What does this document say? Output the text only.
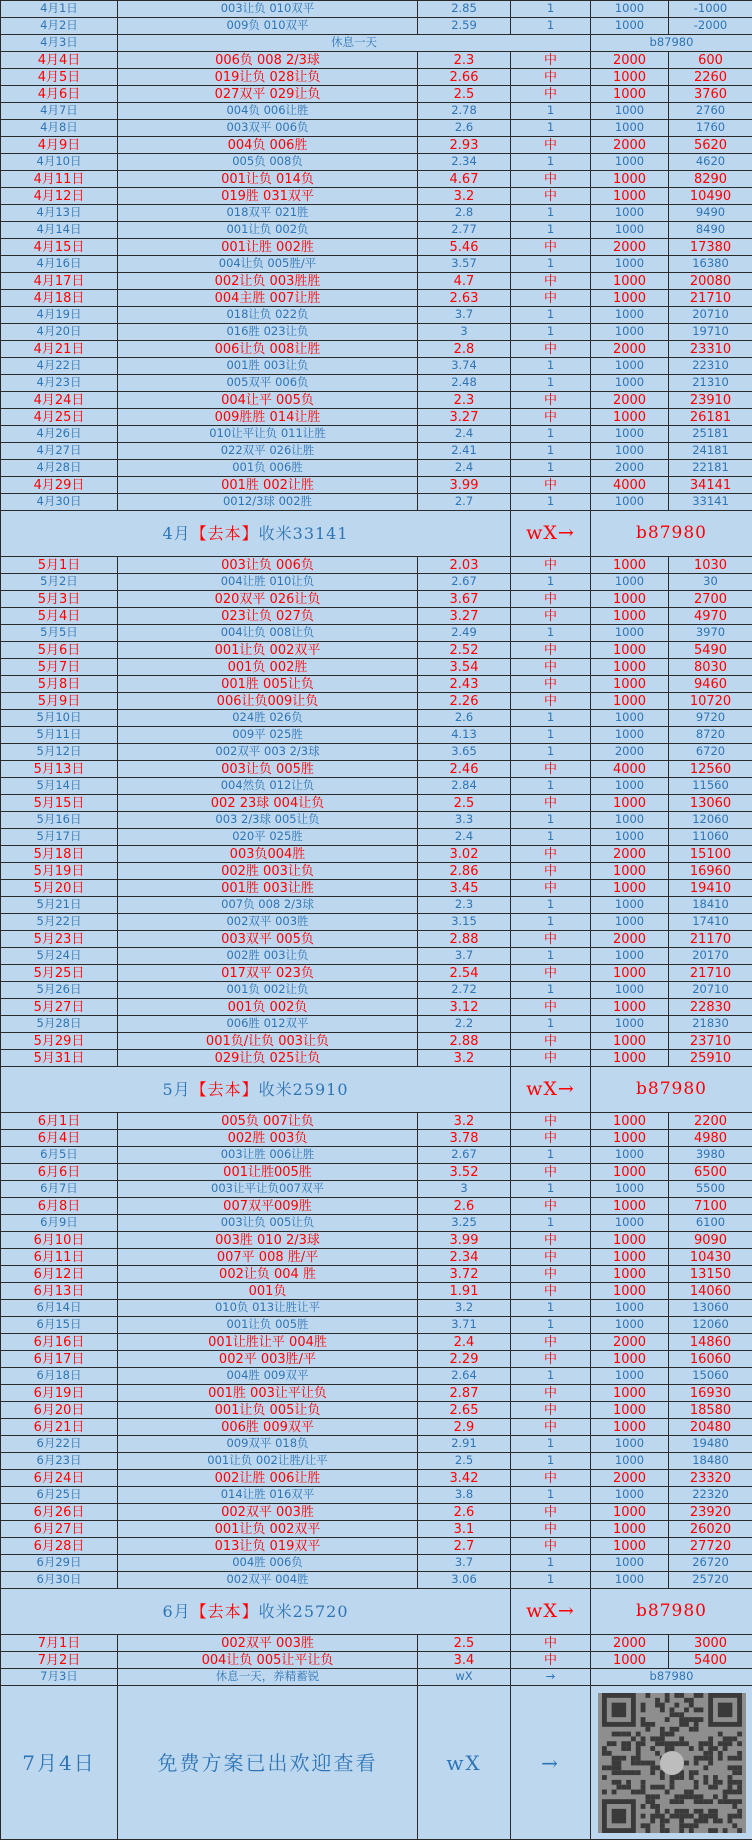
4月1日	003让负 010双平	2.85	1	1000	-1000
4月2日	009负 010双平	2.59	1	1000	-2000
4月3日	休息一天			b87980	
4月4日	006负 008 2/3球	2.3	中	2000	600
4月5日	019让负 028让负	2.66	中	1000	2260
4月6日	027双平 029让负	2.5	中	1000	3760
4月7日	004负 006让胜	2.78	1	1000	2760
4月8日	003双平 006负	2.6	1	1000	1760
4月9日	004负 006胜	2.93	中	2000	5620
4月10日	005负 008负	2.34	1	1000	4620
4月11日	001让负 014负	4.67	中	1000	8290
4月12日	019胜 031双平	3.2	中	1000	10490
4月13日	018双平 021胜	2.8	1	1000	9490
4月14日	001让负 002负	2.77	1	1000	8490
4月15日	001让胜 002胜	5.46	中	2000	17380
4月16日	004让负 005胜/平	3.57	1	1000	16380
4月17日	002让负 003胜胜	4.7	中	1000	20080
4月18日	004主胜 007让胜	2.63	中	1000	21710
4月19日	018让负 022负	3.7	1	1000	20710
4月20日	016胜 023让负	3	1	1000	19710
4月21日	006让负 008让胜	2.8	中	2000	23310
4月22日	001胜 003让负	3.74	1	1000	22310
4月23日	005双平 006负	2.48	1	1000	21310
4月24日	004让平 005负	2.3	中	2000	23910
4月25日	009胜胜 014让胜	3.27	中	1000	26181
4月26日	010让平让负 011让胜	2.4	1	1000	25181
4月27日	022双平 026让胜	2.41	1	1000	24181
4月28日	001负 006胜	2.4	1	2000	22181
4月29日	001胜 002让胜	3.99	中	4000	34141
4月30日	0012/3球 002胜	2.7	1	1000	33141
4月【去本】收米33141			wX→	b87980	
5月1日	003让负 006负	2.03	中	1000	1030
5月2日	004让胜 010让负	2.67	1	1000	30
5月3日	020双平 026让负	3.67	中	1000	2700
5月4日	023让负 027负	3.27	中	1000	4970
5月5日	004让负 008让负	2.49	1	1000	3970
5月6日	001让负 002双平	2.52	中	1000	5490
5月7日	001负 002胜	3.54	中	1000	8030
5月8日	001胜 005让负	2.43	中	1000	9460
5月9日	006让负009让负	2.26	中	1000	10720
5月10日	024胜 026负	2.6	1	1000	9720
5月11日	009平 025胜	4.13	1	1000	8720
5月12日	002双平 003 2/3球	3.65	1	2000	6720
5月13日	003让负 005胜	2.46	中	4000	12560
5月14日	004然负 012让负	2.84	1	1000	11560
5月15日	002 23球 004让负	2.5	中	1000	13060
5月16日	003 2/3球 005让负	3.3	1	1000	12060
5月17日	020平 025胜	2.4	1	1000	11060
5月18日	003负004胜	3.02	中	2000	15100
5月19日	002胜 003让负	2.86	中	1000	16960
5月20日	001胜 003让胜	3.45	中	1000	19410
5月21日	007负 008 2/3球	2.3	1	1000	18410
5月22日	002双平 003胜	3.15	1	1000	17410
5月23日	003双平 005负	2.88	中	2000	21170
5月24日	002胜 003让负	3.7	1	1000	20170
5月25日	017双平 023负	2.54	中	1000	21710
5月26日	001负 002让负	2.72	1	1000	20710
5月27日	001负 002负	3.12	中	1000	22830
5月28日	006胜 012双平	2.2	1	1000	21830
5月29日	001负/让负 003让负	2.88	中	1000	23710
5月31日	029让负 025让负	3.2	中	1000	25910
5月【去本】收米25910			wX→	b87980	
6月1日	005负 007让负	3.2	中	1000	2200
6月4日	002胜 003负	3.78	中	1000	4980
6月5日	003让胜 006让胜	2.67	1	1000	3980
6月6日	001让胜005胜	3.52	中	1000	6500
6月7日	003让平让负007双平	3	1	1000	5500
6月8日	007双平009胜	2.6	中	1000	7100
6月9日	003让负 005让负	3.25	1	1000	6100
6月10日	003胜 010 2/3球	3.99	中	1000	9090
6月11日	007平 008 胜/平	2.34	中	1000	10430
6月12日	002让负 004 胜	3.72	中	1000	13150
6月13日	001负	1.91	中	1000	14060
6月14日	010负 013让胜让平	3.2	1	1000	13060
6月15日	001让负 005胜	3.71	1	1000	12060
6月16日	001让胜让平 004胜	2.4	中	2000	14860
6月17日	002平 003胜/平	2.29	中	1000	16060
6月18日	004胜 009双平	2.64	1	1000	15060
6月19日	001胜 003让平让负	2.87	中	1000	16930
6月20日	001让负 005让负	2.65	中	1000	18580
6月21日	006胜 009双平	2.9	中	1000	20480
6月22日	009双平 018负	2.91	1	1000	19480
6月23日	001让负 002让胜/让平	2.5	1	1000	18480
6月24日	002让胜 006让胜	3.42	中	2000	23320
6月25日	014让胜 016双平	3.8	1	1000	22320
6月26日	002双平 003胜	2.6	中	1000	23920
6月27日	001让负 002双平	3.1	中	1000	26020
6月28日	013让负 019双平	2.7	中	1000	27720
6月29日	004胜 006负	3.7	1	1000	26720
6月30日	002双平 004胜	3.06	1	1000	25720
6月【去本】收米25720			wX→	b87980	
7月1日	002双平 003胜	2.5	中	2000	3000
7月2日	004让负 005让平让负	3.4	中	1000	5400
7月3日	休息一天，养精蓄锐	wX	→	b87980	
7月4日	免费方案已出欢迎查看	wX	→	
